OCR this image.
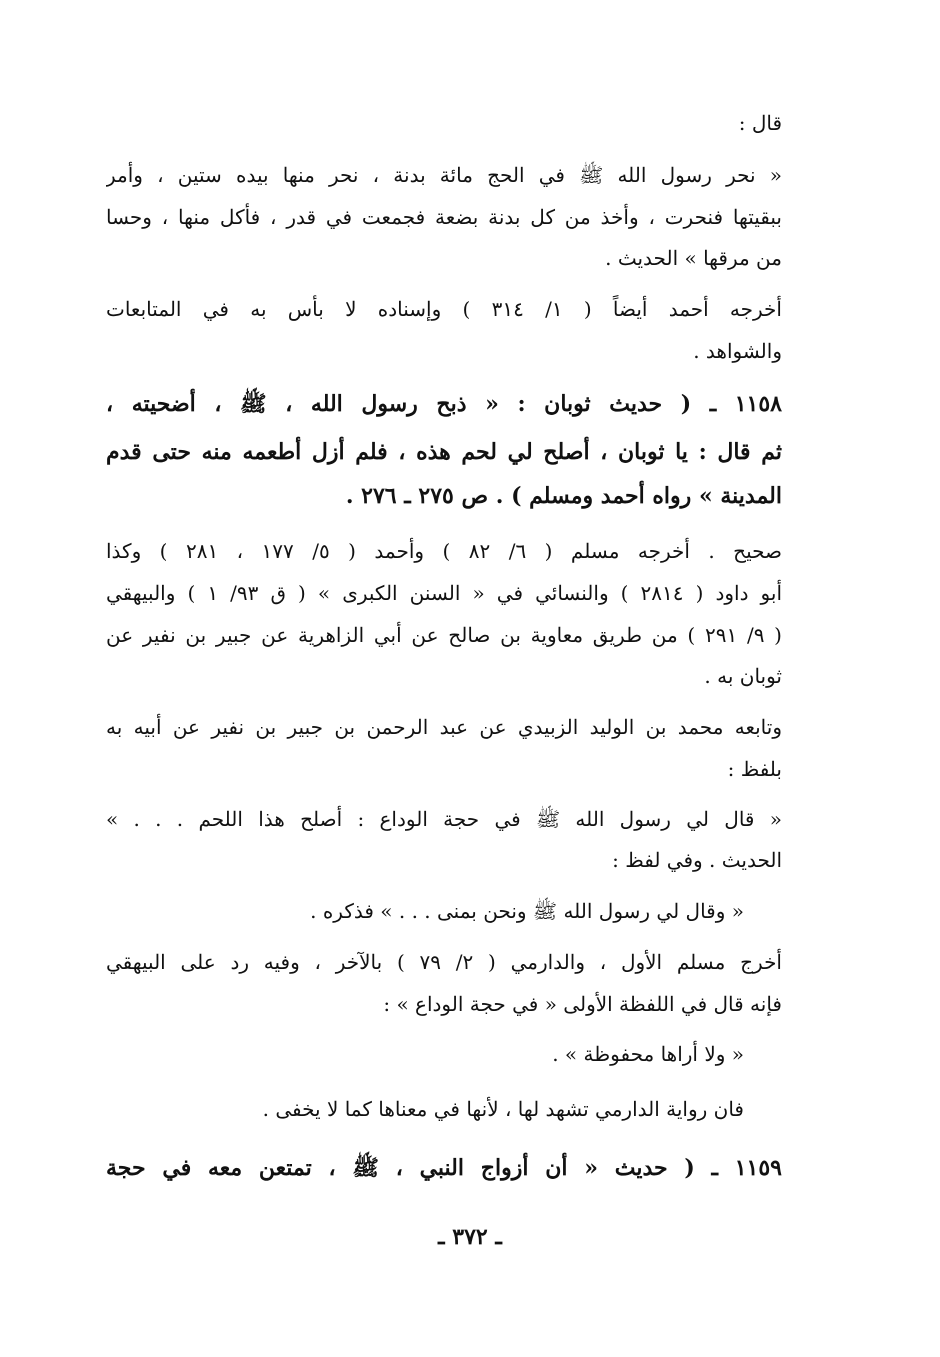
قال :
« نحر رسول الله ﷺ في الحج مائة بدنة ، نحر منها بيده ستين ، وأمر
ببقيتها فنحرت ، وأخذ من كل بدنة بضعة فجمعت في قدر ، فأكل منها ، وحسا
من مرقها » الحديث .
أخرجه أحمد أيضاً ( ١/ ٣١٤ ) وإسناده لا بأس به في المتابعات
والشواهد .
١١٥٨ ـ ( حديث ثوبان : « ذبح رسول الله ، ﷺ ، أضحيته ،
ثم قال : يا ثوبان ، أصلح لي لحم هذه ، فلم أزل أطعمه منه حتى قدم
المدينة » رواه أحمد ومسلم ) . ص ٢٧٥ ـ ٢٧٦ .
صحيح . أخرجه مسلم ( ٦/ ٨٢ ) وأحمد ( ٥/ ١٧٧ ، ٢٨١ ) وكذا
أبو داود ( ٢٨١٤ ) والنسائي في « السنن الكبرى » ( ق ٩٣/ ١ ) والبيهقي
( ٩/ ٢٩١ ) من طريق معاوية بن صالح عن أبي الزاهرية عن جبير بن نفير عن
ثوبان به .
وتابعه محمد بن الوليد الزبيدي عن عبد الرحمن بن جبير بن نفير عن أبيه به
بلفظ :
« قال لي رسول الله ﷺ في حجة الوداع : أصلح هذا اللحم . . . »
الحديث . وفي لفظ :
« وقال لي رسول الله ﷺ ونحن بمنى . . . » فذكره .
أخرج مسلم الأول ، والدارمي ( ٢/ ٧٩ ) بالآخر ، وفيه رد على البيهقي
فإنه قال في اللفظة الأولى « في حجة الوداع » :
« ولا أراها محفوظة » .
فان رواية الدارمي تشهد لها ، لأنها في معناها كما لا يخفى .
١١٥٩ ـ ( حديث « أن أزواج النبي ، ﷺ ، تمتعن معه في حجة
ـ ٣٧٢ ـ
